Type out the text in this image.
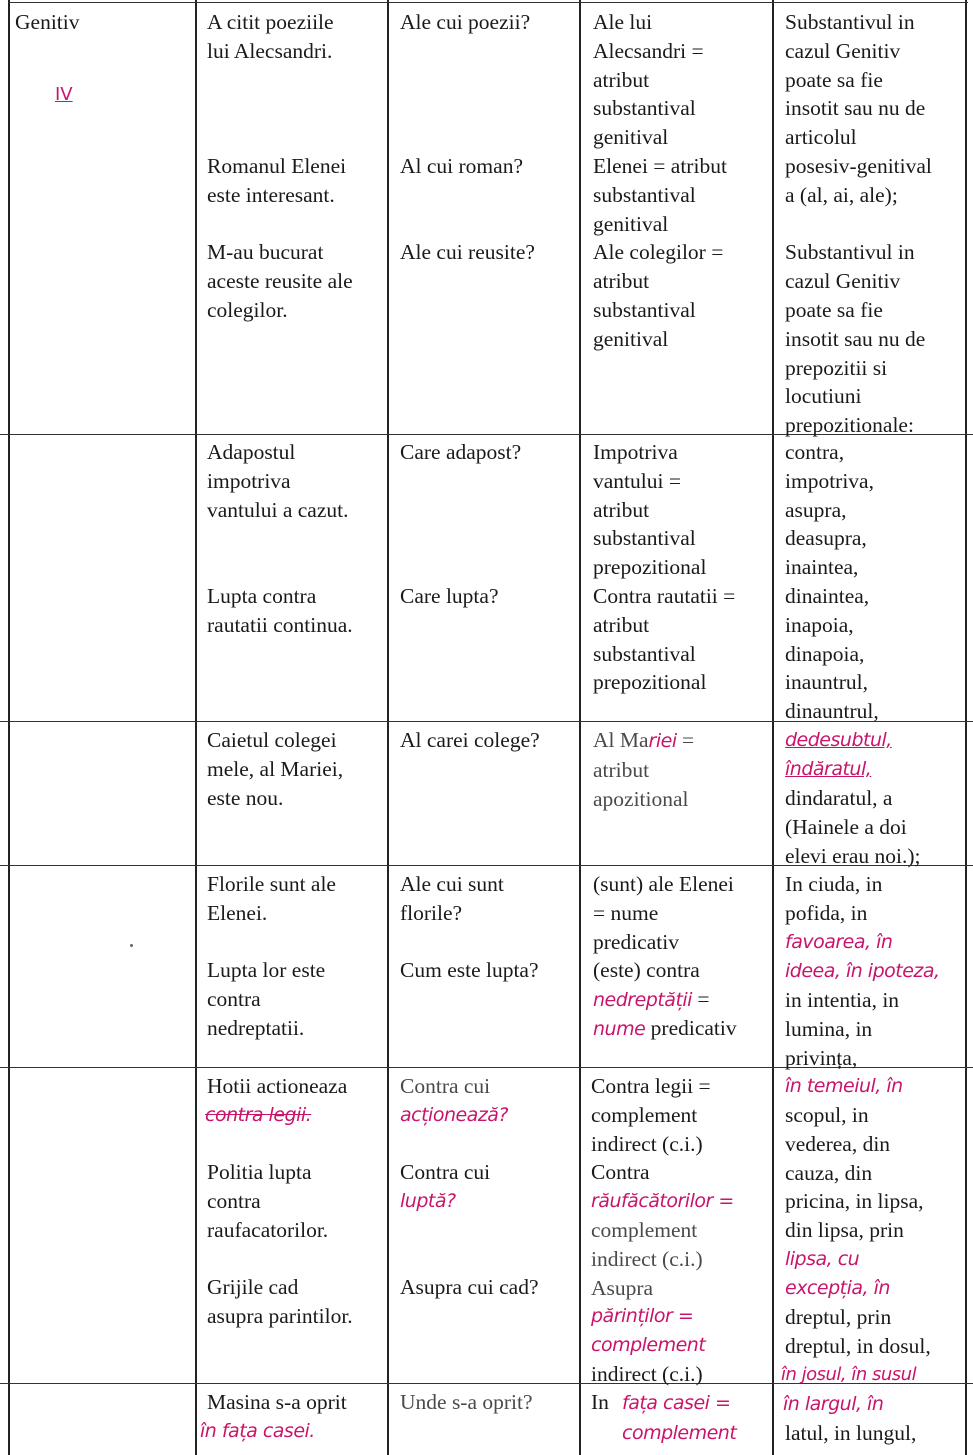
Genitiv
IV
A citit poeziile
lui Alecsandri.

Romanul Elenei
este interesant.

M-au bucurat
aceste reusite ale
colegilor.
Ale cui poezii?

Al cui roman?

Ale cui reusite?
Ale lui
Alecsandri =
atribut
substantival
genitival
Elenei = atribut
substantival
genitival
Ale colegilor =
atribut
substantival
genitival
Substantivul in
cazul Genitiv
poate sa fie
insotit sau nu de
articolul
posesiv-genitival
a (al, ai, ale);

Substantivul in
cazul Genitiv
poate sa fie
insotit sau nu de
prepozitii si
locutiuni
prepozitionale:
Adapostul
impotriva
vantului a cazut.

Lupta contra
rautatii continua.
Care adapost?

Care lupta?
Impotriva
vantului =
atribut
substantival
prepozitional
Contra rautatii =
atribut
substantival
prepozitional
contra,
impotriva,
asupra,
deasupra,
inaintea,
dinaintea,
inapoia,
dinapoia,
inauntrul,
dinauntrul,
Caietul colegei
mele, al Mariei,
este nou.
Al carei colege? Al Mariei =
atribut
apozitional
dedesubtul,
îndăratul,
dindaratul, a
(Hainele a doi
elevi erau noi.);
Florile sunt ale
Elenei.

Lupta lor este
contra
nedreptatii.
Ale cui sunt
florile?

Cum este lupta?
(sunt) ale Elenei
= nume
predicativ
(este) contra
nedreptății =
nume predicativ
In ciuda, in
pofida, in
favoarea, în
ideea, în ipoteza,
in intentia, in
lumina, in
privința,
Hotii actioneaza
contra legii.
Politia lupta
contra
raufacatorilor.
Grijile cad
asupra parintilor.
Contra cui
acționează?
Contra cui
luptă?
Asupra cui cad?
Contra legii =
complement
indirect (c.i.)
Contra
răufăcătorilor =
complement
indirect (c.i.)
Asupra
părinților =
complement
indirect (c.i.)
în temeiul, în
scopul, in
vederea, din
cauza, din
pricina, in lipsa,
din lipsa, prin
lipsa, cu
excepția, în
dreptul, prin
dreptul, in dosul,
în josul, în susul
Masina s-a oprit
în fața casei.
Unde s-a oprit?	In fața casei =
complement
în largul, în
latul, in lungul,
